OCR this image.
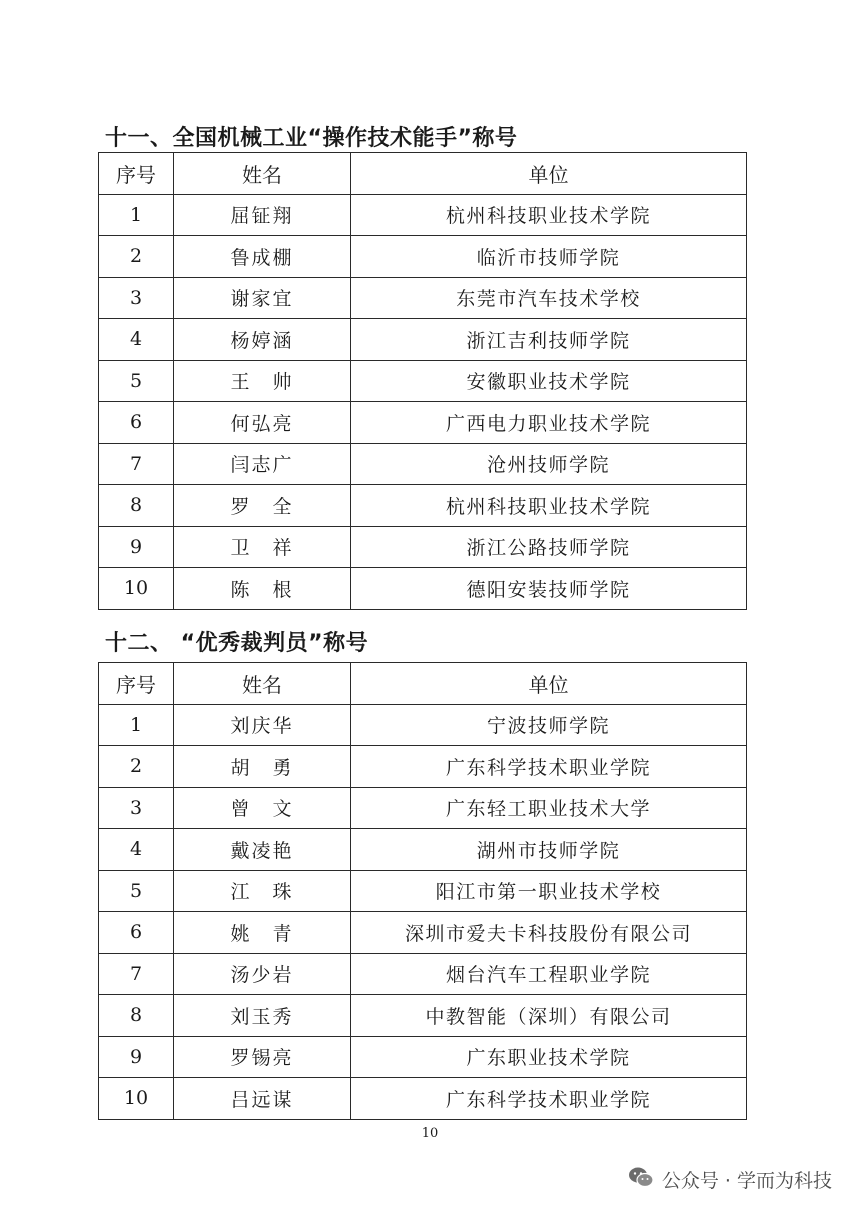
十一、全国机械工业“操作技术能手”称号
序号	姓名	单位
1	屈钲翔	杭州科技职业技术学院
2	鲁成棚	临沂市技师学院
3	谢家宜	东莞市汽车技术学校
4	杨婷涵	浙江吉利技师学院
5	王　帅	安徽职业技术学院
6	何弘亮	广西电力职业技术学院
7	闫志广	沧州技师学院
8	罗　全	杭州科技职业技术学院
9	卫　祥	浙江公路技师学院
10	陈　根	德阳安装技师学院
十二、 “优秀裁判员”称号
序号	姓名	单位
1	刘庆华	宁波技师学院
2	胡　勇	广东科学技术职业学院
3	曾　文	广东轻工职业技术大学
4	戴凌艳	湖州市技师学院
5	江　珠	阳江市第一职业技术学校
6	姚　青	深圳市爱夫卡科技股份有限公司
7	汤少岩	烟台汽车工程职业学院
8	刘玉秀	中教智能（深圳）有限公司
9	罗锡亮	广东职业技术学院
10	吕远谋	广东科学技术职业学院
10
公众号 · 学而为科技
